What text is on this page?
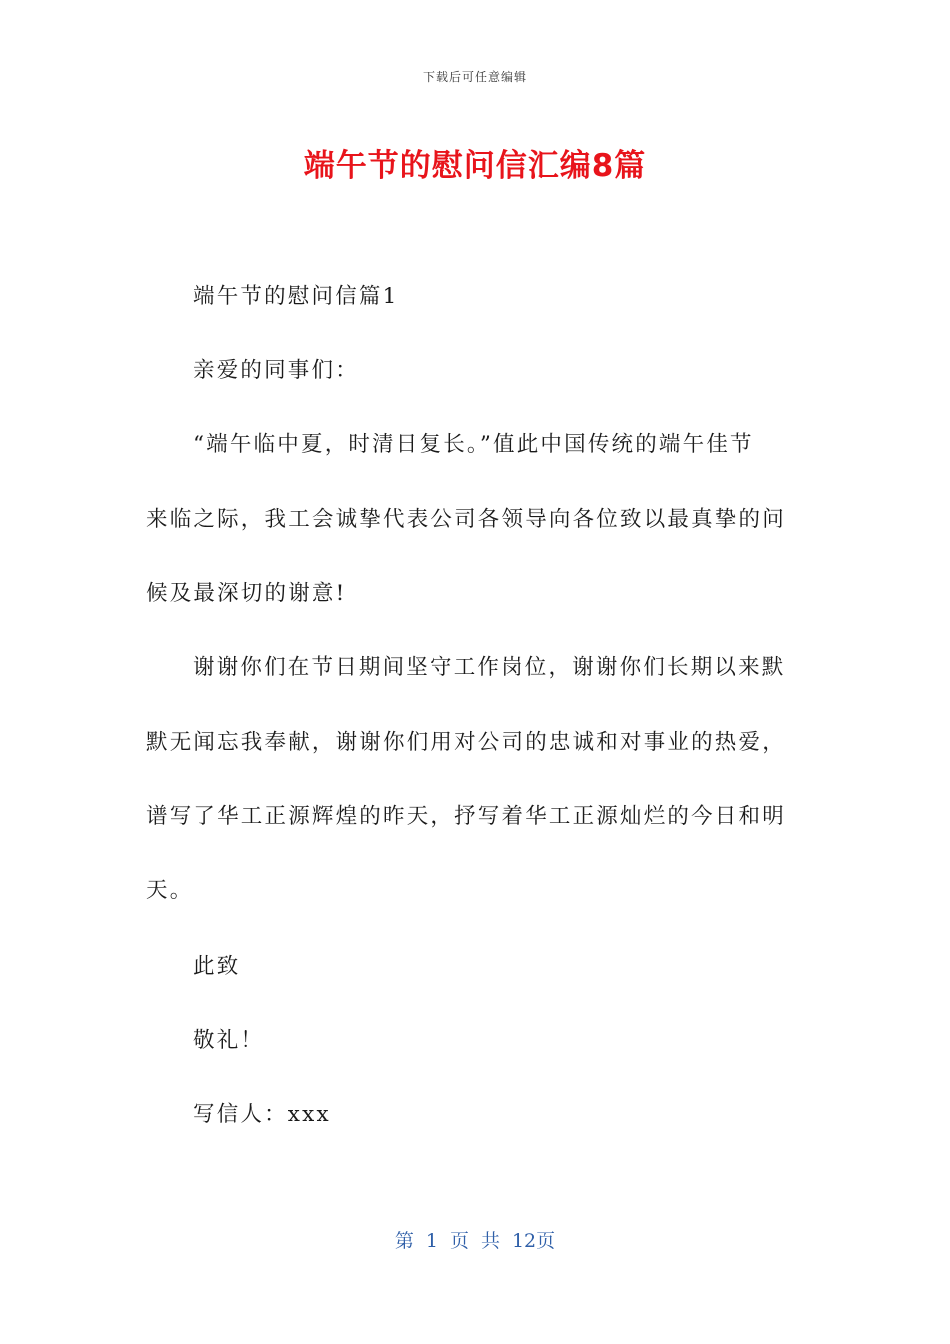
下载后可任意编辑
端午节的慰问信汇编8篇
端午节的慰问信篇1
亲爱的同事们：
“端午临中夏，时清日复长。”值此中国传统的端午佳节
来临之际，我工会诚挚代表公司各领导向各位致以最真挚的问
候及最深切的谢意!
谢谢你们在节日期间坚守工作岗位，谢谢你们长期以来默
默无闻忘我奉献，谢谢你们用对公司的忠诚和对事业的热爱，
谱写了华工正源辉煌的昨天，抒写着华工正源灿烂的今日和明
天。
此致
敬礼！
写信人：xxx
第 1 页 共 12页
